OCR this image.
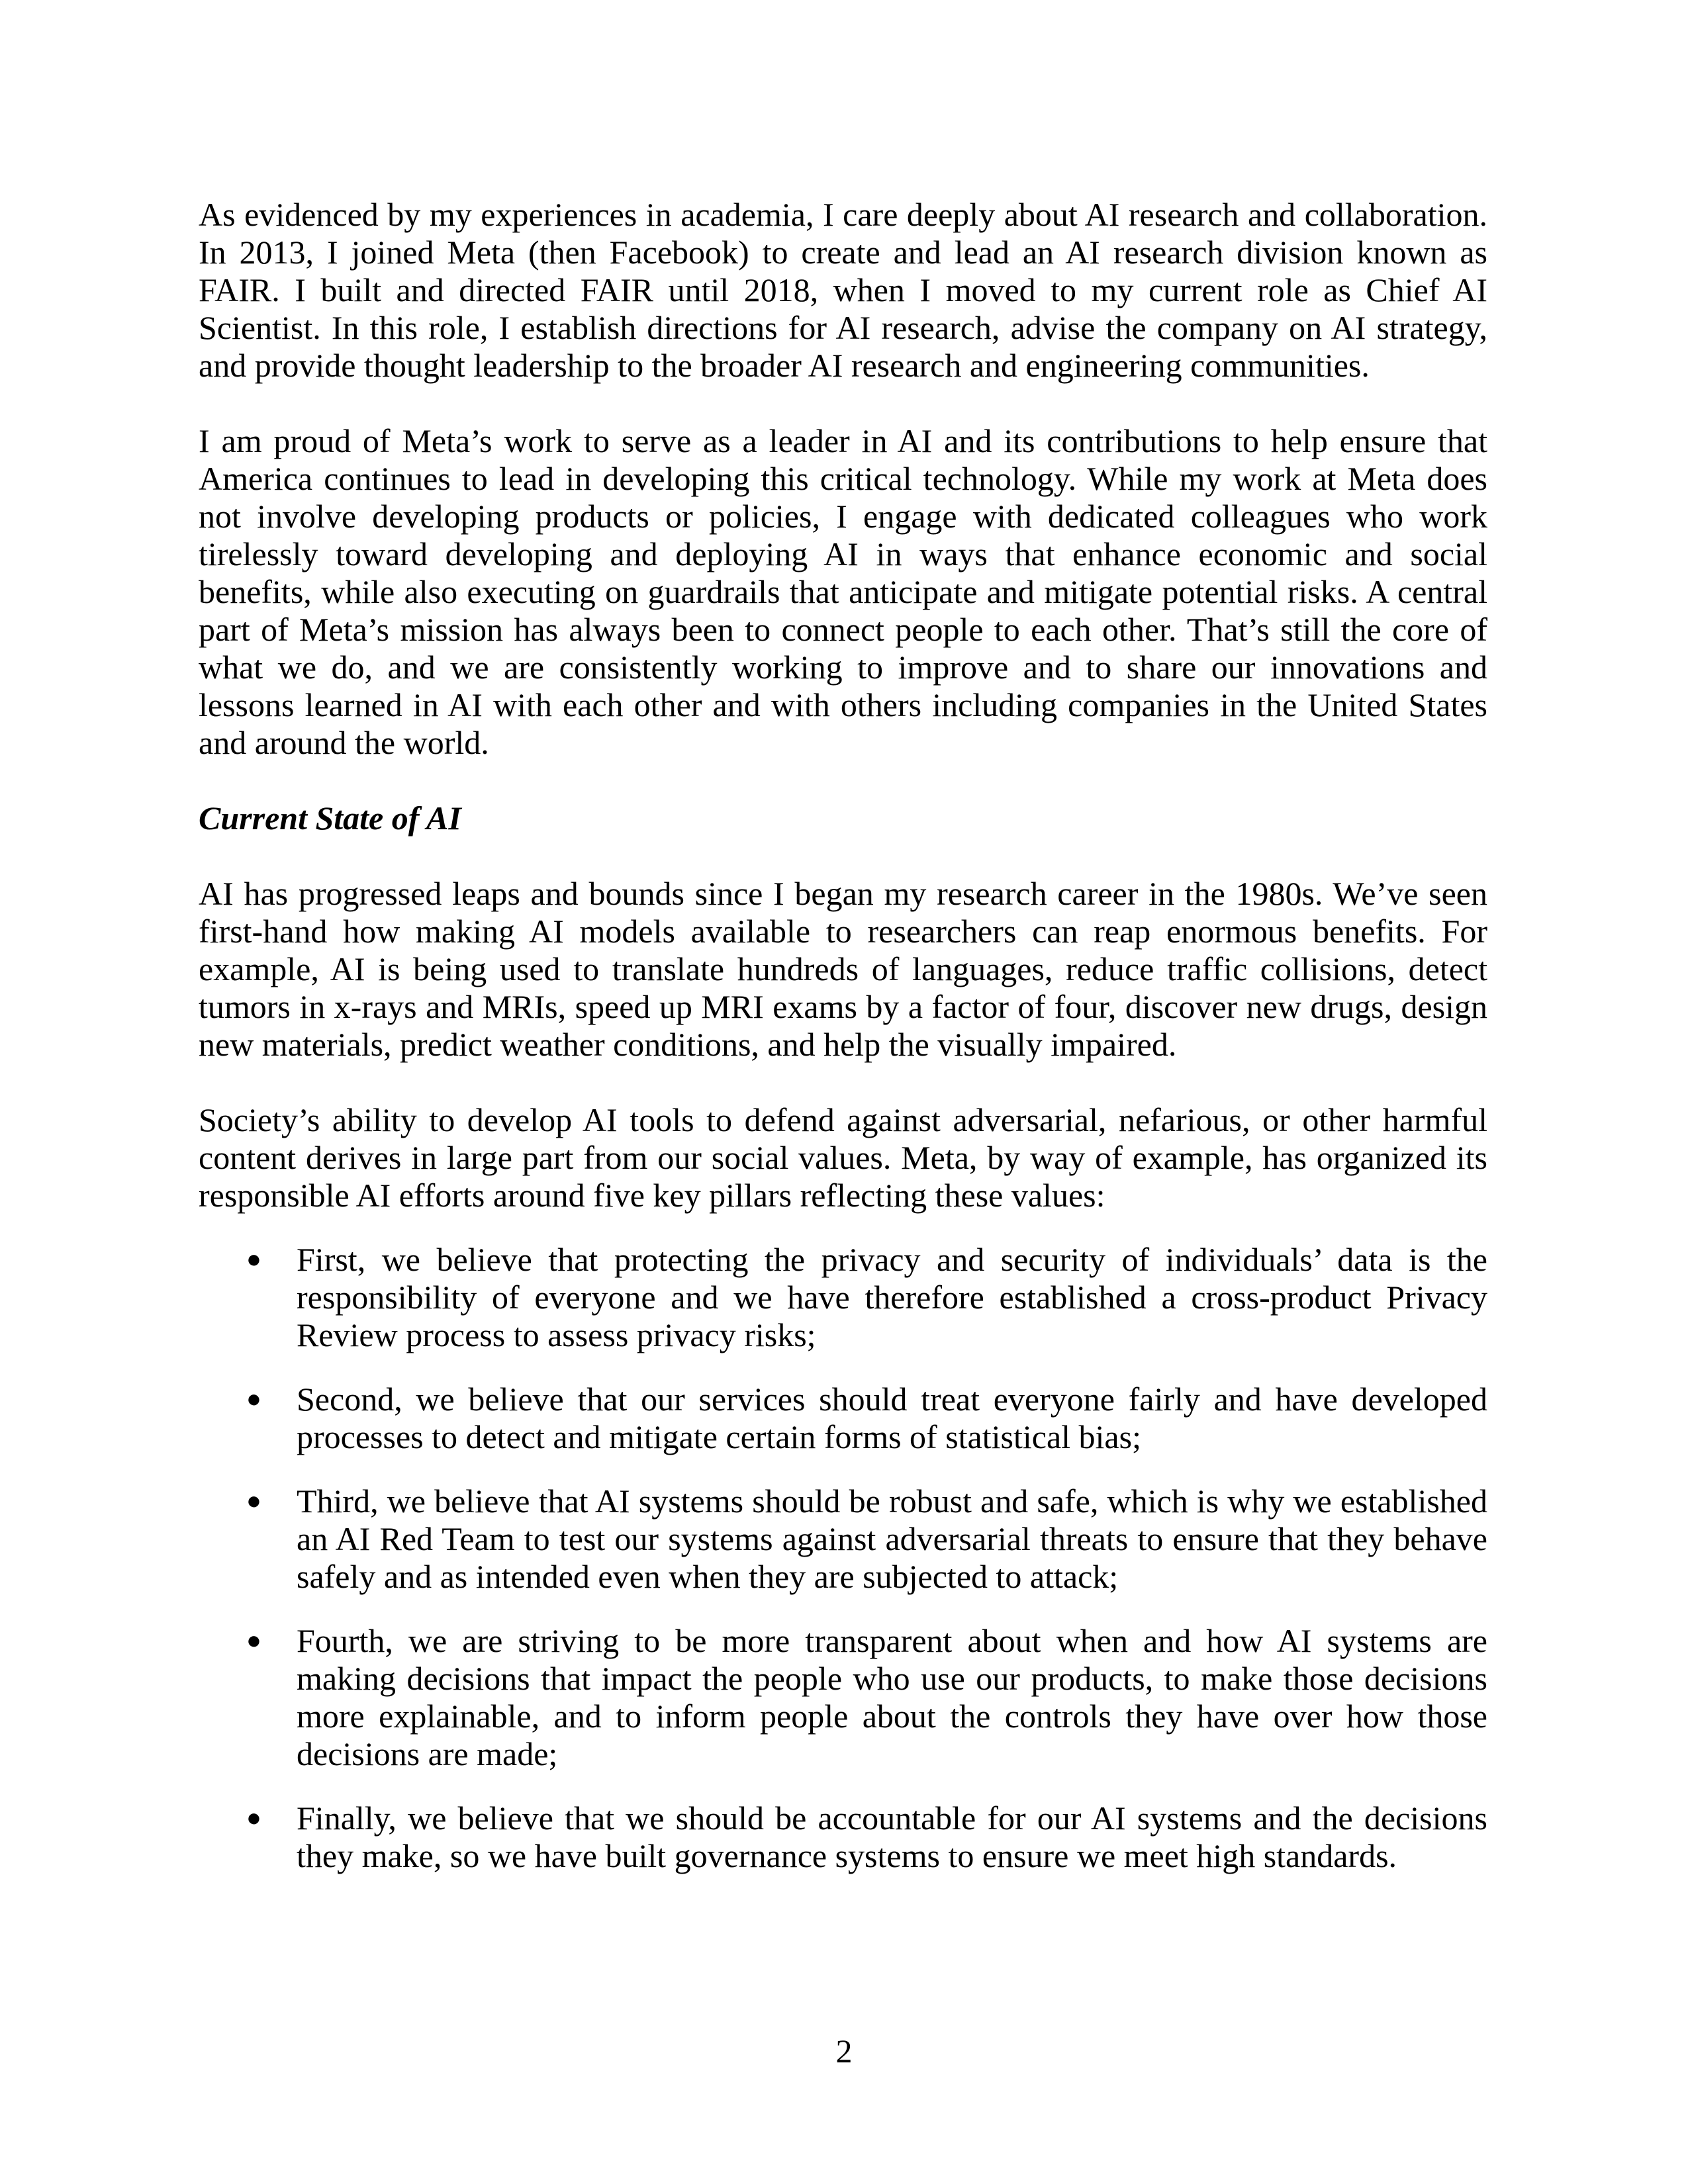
As evidenced by my experiences in academia, I care deeply about AI research and collaboration. In 2013, I joined Meta (then Facebook) to create and lead an AI research division known as FAIR. I built and directed FAIR until 2018, when I moved to my current role as Chief AI Scientist. In this role, I establish directions for AI research, advise the company on AI strategy, and provide thought leadership to the broader AI research and engineering communities.

I am proud of Meta’s work to serve as a leader in AI and its contributions to help ensure that America continues to lead in developing this critical technology. While my work at Meta does not involve developing products or policies, I engage with dedicated colleagues who work tirelessly toward developing and deploying AI in ways that enhance economic and social benefits, while also executing on guardrails that anticipate and mitigate potential risks. A central part of Meta’s mission has always been to connect people to each other. That’s still the core of what we do, and we are consistently working to improve and to share our innovations and lessons learned in AI with each other and with others including companies in the United States and around the world.

Current State of AI

AI has progressed leaps and bounds since I began my research career in the 1980s. We’ve seen first-hand how making AI models available to researchers can reap enormous benefits. For example, AI is being used to translate hundreds of languages, reduce traffic collisions, detect tumors in x-rays and MRIs, speed up MRI exams by a factor of four, discover new drugs, design new materials, predict weather conditions, and help the visually impaired.

Society’s ability to develop AI tools to defend against adversarial, nefarious, or other harmful content derives in large part from our social values. Meta, by way of example, has organized its responsible AI efforts around five key pillars reflecting these values:

● First, we believe that protecting the privacy and security of individuals’ data is the responsibility of everyone and we have therefore established a cross-product Privacy Review process to assess privacy risks;
● Second, we believe that our services should treat everyone fairly and have developed processes to detect and mitigate certain forms of statistical bias;
● Third, we believe that AI systems should be robust and safe, which is why we established an AI Red Team to test our systems against adversarial threats to ensure that they behave safely and as intended even when they are subjected to attack;
● Fourth, we are striving to be more transparent about when and how AI systems are making decisions that impact the people who use our products, to make those decisions more explainable, and to inform people about the controls they have over how those decisions are made;
● Finally, we believe that we should be accountable for our AI systems and the decisions they make, so we have built governance systems to ensure we meet high standards.
2
